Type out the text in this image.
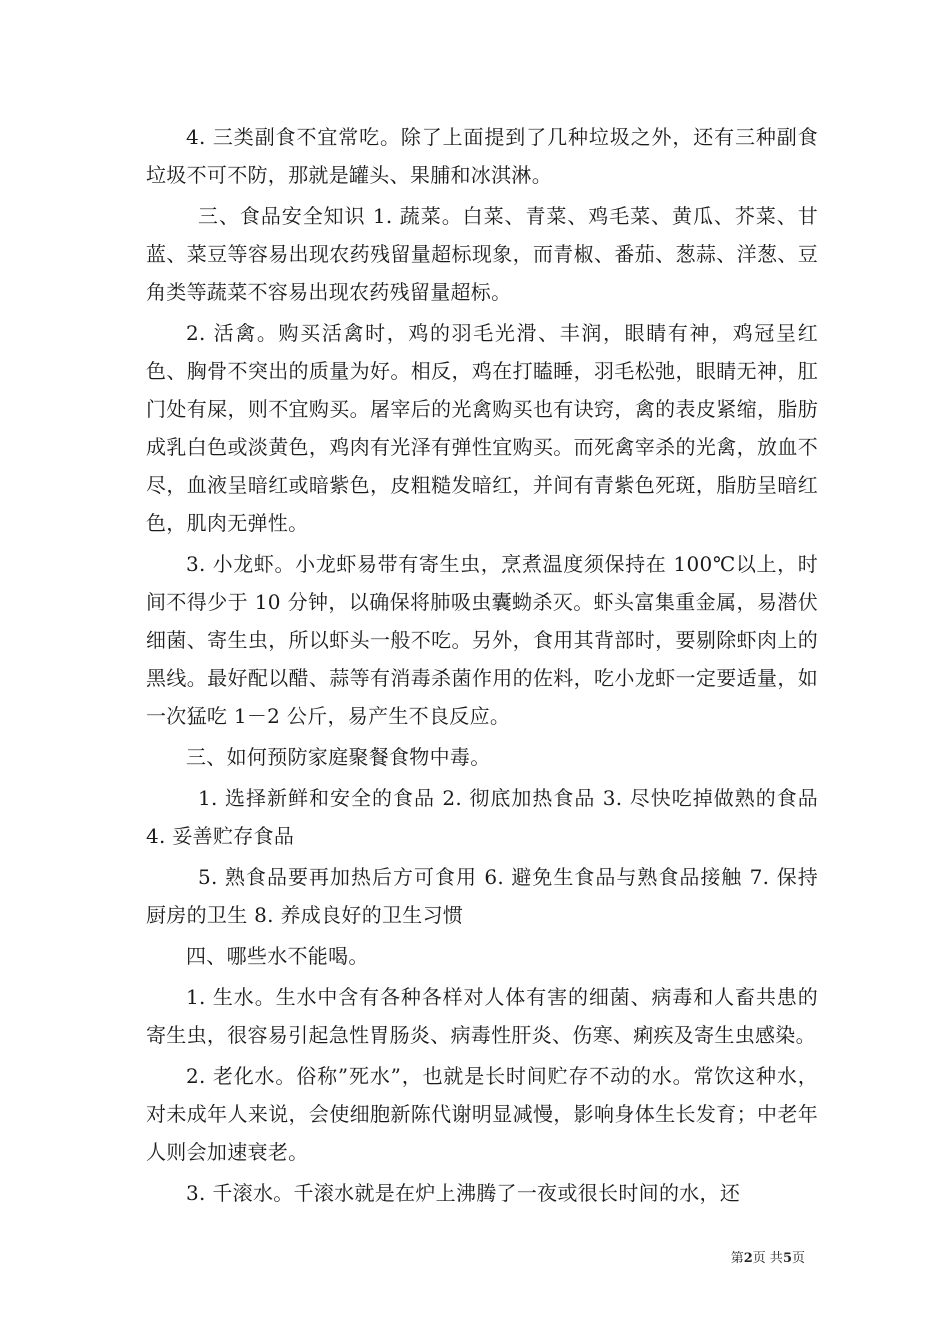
4. 三类副食不宜常吃。除了上面提到了几种垃圾之外，还有三种副食垃圾不可不防，那就是罐头、果脯和冰淇淋。

三、食品安全知识 1. 蔬菜。白菜、青菜、鸡毛菜、黄瓜、芥菜、甘蓝、菜豆等容易出现农药残留量超标现象，而青椒、番茄、葱蒜、洋葱、豆角类等蔬菜不容易出现农药残留量超标。

2. 活禽。购买活禽时，鸡的羽毛光滑、丰润，眼睛有神，鸡冠呈红色、胸骨不突出的质量为好。相反，鸡在打瞌睡，羽毛松弛，眼睛无神，肛门处有屎，则不宜购买。屠宰后的光禽购买也有诀窍，禽的表皮紧缩，脂肪成乳白色或淡黄色，鸡肉有光泽有弹性宜购买。而死禽宰杀的光禽，放血不尽，血液呈暗红或暗紫色，皮粗糙发暗红，并间有青紫色死斑，脂肪呈暗红色，肌肉无弹性。

3. 小龙虾。小龙虾易带有寄生虫，烹煮温度须保持在 100℃以上，时间不得少于 10 分钟，以确保将肺吸虫囊蚴杀灭。虾头富集重金属，易潜伏细菌、寄生虫，所以虾头一般不吃。另外，食用其背部时，要剔除虾肉上的黑线。最好配以醋、蒜等有消毒杀菌作用的佐料，吃小龙虾一定要适量，如一次猛吃 1－2 公斤，易产生不良反应。

三、如何预防家庭聚餐食物中毒。

1. 选择新鲜和安全的食品 2. 彻底加热食品 3. 尽快吃掉做熟的食品 4. 妥善贮存食品

5. 熟食品要再加热后方可食用 6. 避免生食品与熟食品接触 7. 保持厨房的卫生 8. 养成良好的卫生习惯

四、哪些水不能喝。

1. 生水。生水中含有各种各样对人体有害的细菌、病毒和人畜共患的寄生虫，很容易引起急性胃肠炎、病毒性肝炎、伤寒、痢疾及寄生虫感染。

2. 老化水。俗称”死水”，也就是长时间贮存不动的水。常饮这种水，对未成年人来说，会使细胞新陈代谢明显减慢，影响身体生长发育；中老年人则会加速衰老。

3. 千滚水。千滚水就是在炉上沸腾了一夜或很长时间的水，还

第2页 共5页
